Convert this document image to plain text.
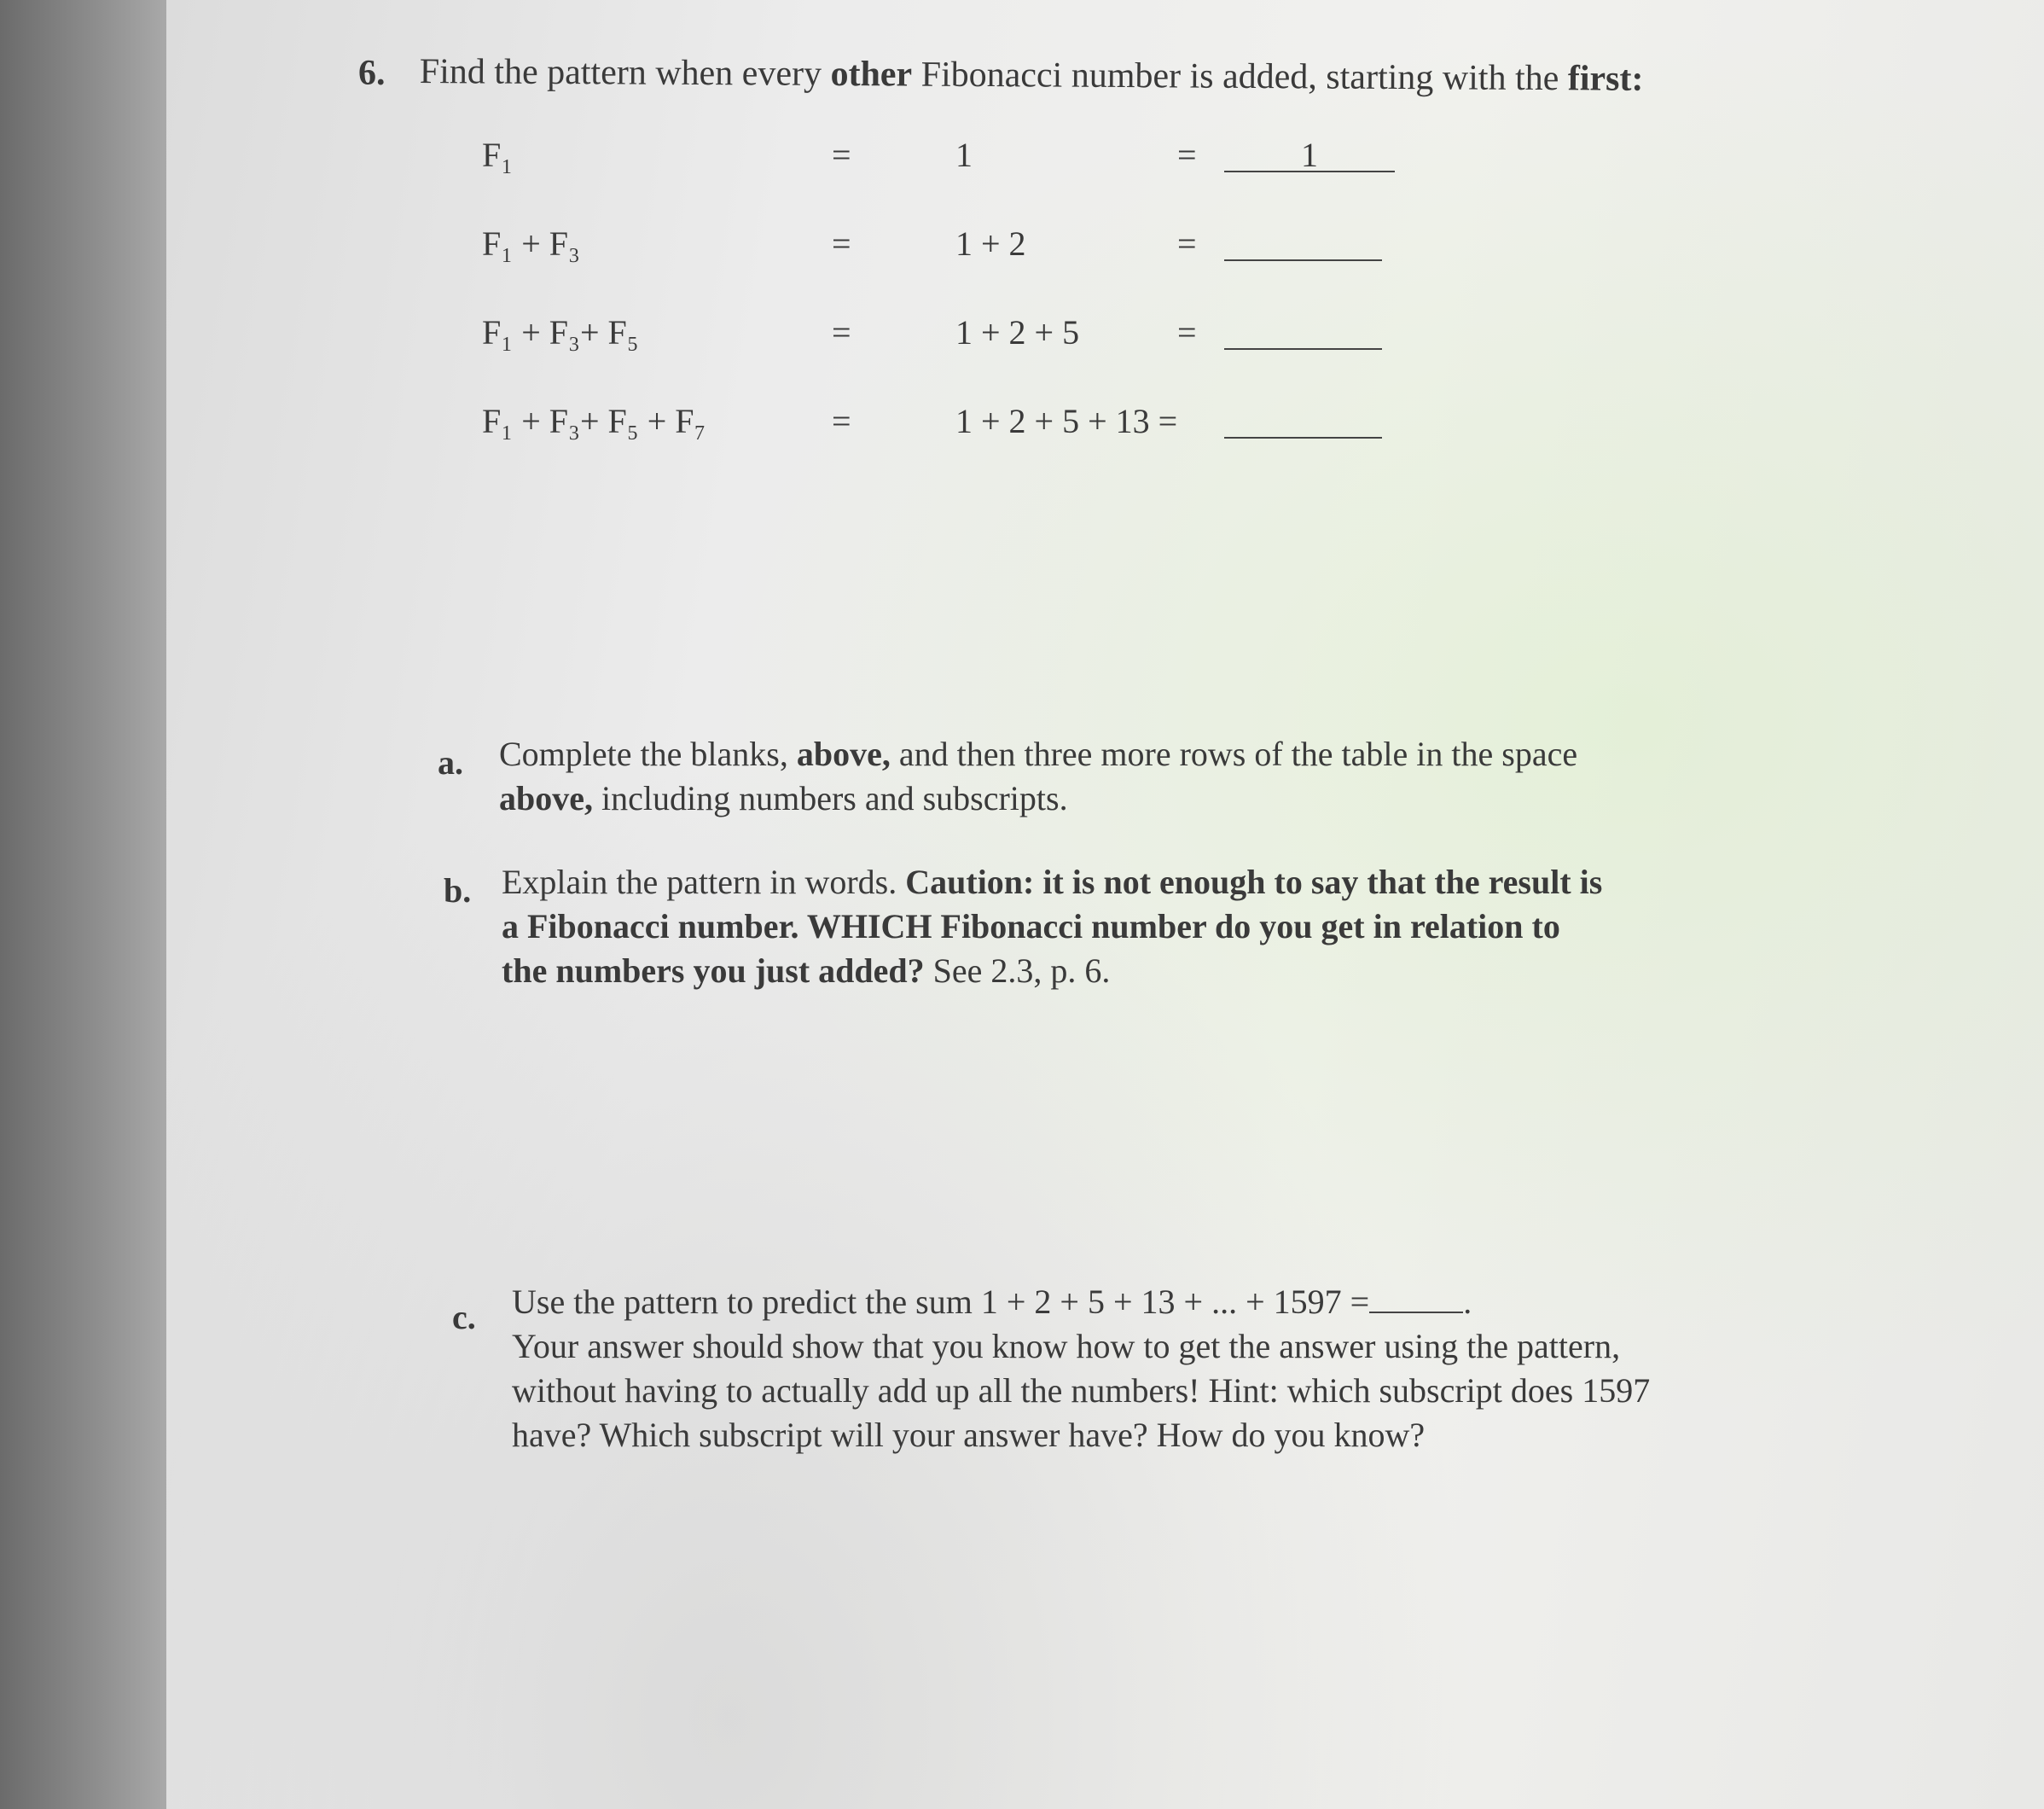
6. Find the pattern when every other Fibonacci number is added, starting with the first:
F₁	=	1	=	1
F₁ + F₃	=	1 + 2	=
F₁ + F₃+ F₅	=	1 + 2 + 5	=
F₁ + F₃+ F₅ + F₇	=	1 + 2 + 5 + 13 =
a. Complete the blanks, above, and then three more rows of the table in the space
above, including numbers and subscripts.
b. Explain the pattern in words. Caution: it is not enough to say that the result is
a Fibonacci number. WHICH Fibonacci number do you get in relation to
the numbers you just added? See 2.3, p. 6.
c. Use the pattern to predict the sum 1 + 2 + 5 + 13 + ... + 1597 =	.
Your answer should show that you know how to get the answer using the pattern,
without having to actually add up all the numbers! Hint: which subscript does 1597
have? Which subscript will your answer have? How do you know?
